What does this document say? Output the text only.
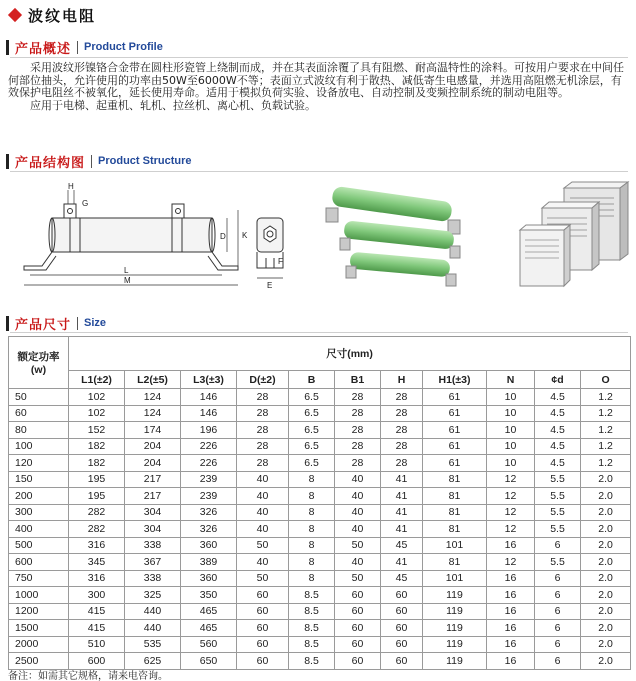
波纹电阻
产品概述 Product Profile

采用波纹形镍铬合金带在圆柱形瓷管上绕制而成，并在其表面涂覆了具有阻燃、耐高温特性的涂料。可按用户要求在中间任何部位抽头，允许使用的功率由50W至6000W不等；表面立式波纹有利于散热、减低寄生电感量，并选用高阻燃无机涂层，有效保护电阻丝不被氧化，延长使用寿命。适用于模拟负荷实验、设备放电、自动控制及变频控制系统的制动电阻等。

应用于电梯、起重机、轧机、拉丝机、离心机、负载试验。

产品结构图 Product Structure
H
G
D K
L
M
F
E
产品尺寸 Size
额定功率
(w)	尺寸(mm)										
	L1(±2)	L2(±5)	L3(±3)	D(±2)	B	B1	H	H1(±3)	N	¢d	O
50	102	124	146	28	6.5	28	28	61	10	4.5	1.2
60	102	124	146	28	6.5	28	28	61	10	4.5	1.2
80	152	174	196	28	6.5	28	28	61	10	4.5	1.2
100	182	204	226	28	6.5	28	28	61	10	4.5	1.2
120	182	204	226	28	6.5	28	28	61	10	4.5	1.2
150	195	217	239	40	8	40	41	81	12	5.5	2.0
200	195	217	239	40	8	40	41	81	12	5.5	2.0
300	282	304	326	40	8	40	41	81	12	5.5	2.0
400	282	304	326	40	8	40	41	81	12	5.5	2.0
500	316	338	360	50	8	50	45	101	16	6	2.0
600	345	367	389	40	8	40	41	81	12	5.5	2.0
750	316	338	360	50	8	50	45	101	16	6	2.0
1000	300	325	350	60	8.5	60	60	119	16	6	2.0
1200	415	440	465	60	8.5	60	60	119	16	6	2.0
1500	415	440	465	60	8.5	60	60	119	16	6	2.0
2000	510	535	560	60	8.5	60	60	119	16	6	2.0
2500	600	625	650	60	8.5	60	60	119	16	6	2.0
备注：如需其它规格，请来电咨询。
